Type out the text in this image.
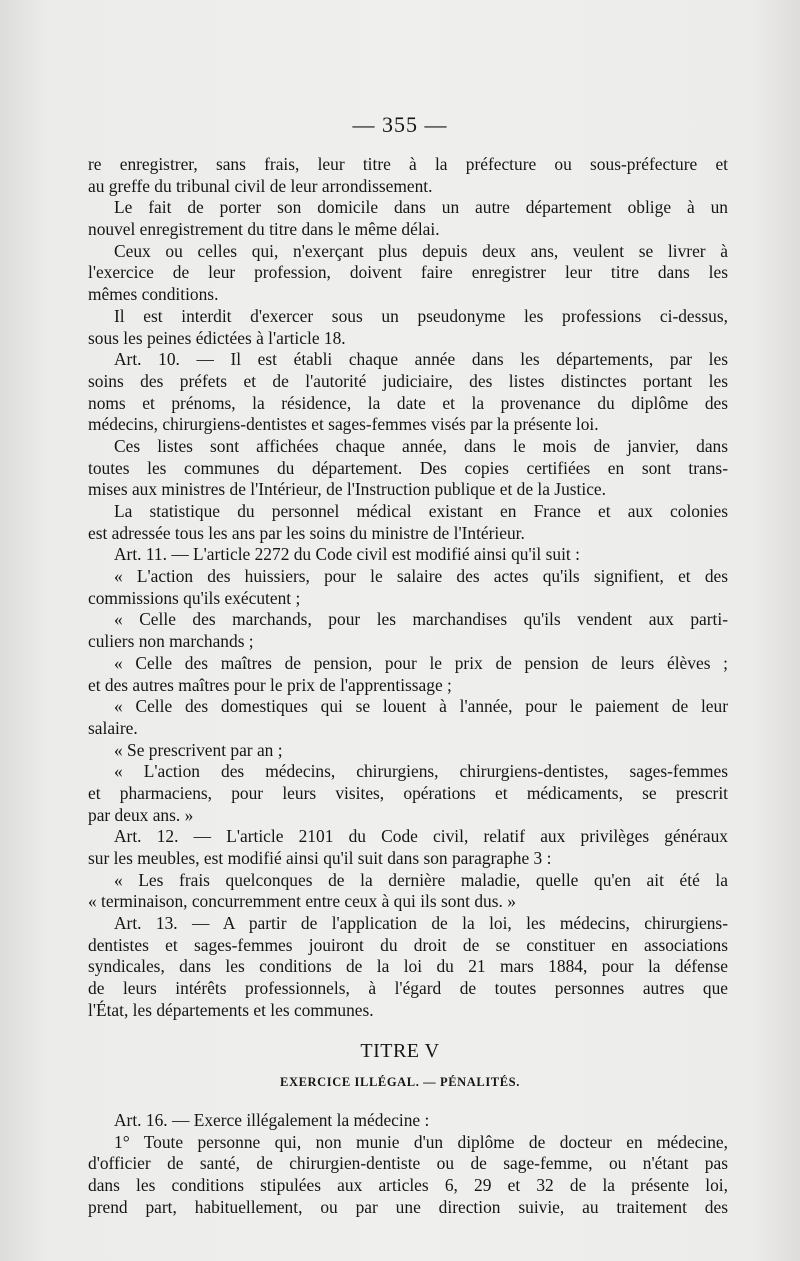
— 355 —
re enregistrer, sans frais, leur titre à la préfecture ou sous-préfecture et
au greffe du tribunal civil de leur arrondissement.
Le fait de porter son domicile dans un autre département oblige à un
nouvel enregistrement du titre dans le même délai.
Ceux ou celles qui, n'exerçant plus depuis deux ans, veulent se livrer à
l'exercice de leur profession, doivent faire enregistrer leur titre dans les
mêmes conditions.
Il est interdit d'exercer sous un pseudonyme les professions ci-dessus,
sous les peines édictées à l'article 18.
Art. 10. — Il est établi chaque année dans les départements, par les
soins des préfets et de l'autorité judiciaire, des listes distinctes portant les
noms et prénoms, la résidence, la date et la provenance du diplôme des
médecins, chirurgiens-dentistes et sages-femmes visés par la présente loi.
Ces listes sont affichées chaque année, dans le mois de janvier, dans
toutes les communes du département. Des copies certifiées en sont trans-
mises aux ministres de l'Intérieur, de l'Instruction publique et de la Justice.
La statistique du personnel médical existant en France et aux colonies
est adressée tous les ans par les soins du ministre de l'Intérieur.
Art. 11. — L'article 2272 du Code civil est modifié ainsi qu'il suit :
« L'action des huissiers, pour le salaire des actes qu'ils signifient, et des
commissions qu'ils exécutent ;
« Celle des marchands, pour les marchandises qu'ils vendent aux parti-
culiers non marchands ;
« Celle des maîtres de pension, pour le prix de pension de leurs élèves ;
et des autres maîtres pour le prix de l'apprentissage ;
« Celle des domestiques qui se louent à l'année, pour le paiement de leur
salaire.
« Se prescrivent par an ;
« L'action des médecins, chirurgiens, chirurgiens-dentistes, sages-femmes
et pharmaciens, pour leurs visites, opérations et médicaments, se prescrit
par deux ans. »
Art. 12. — L'article 2101 du Code civil, relatif aux privilèges généraux
sur les meubles, est modifié ainsi qu'il suit dans son paragraphe 3 :
« Les frais quelconques de la dernière maladie, quelle qu'en ait été la
« terminaison, concurremment entre ceux à qui ils sont dus. »
Art. 13. — A partir de l'application de la loi, les médecins, chirurgiens-
dentistes et sages-femmes jouiront du droit de se constituer en associations
syndicales, dans les conditions de la loi du 21 mars 1884, pour la défense
de leurs intérêts professionnels, à l'égard de toutes personnes autres que
l'État, les départements et les communes.
TITRE V
EXERCICE ILLÉGAL. — PÉNALITÉS.
Art. 16. — Exerce illégalement la médecine :
1° Toute personne qui, non munie d'un diplôme de docteur en médecine,
d'officier de santé, de chirurgien-dentiste ou de sage-femme, ou n'étant pas
dans les conditions stipulées aux articles 6, 29 et 32 de la présente loi,
prend part, habituellement, ou par une direction suivie, au traitement des
